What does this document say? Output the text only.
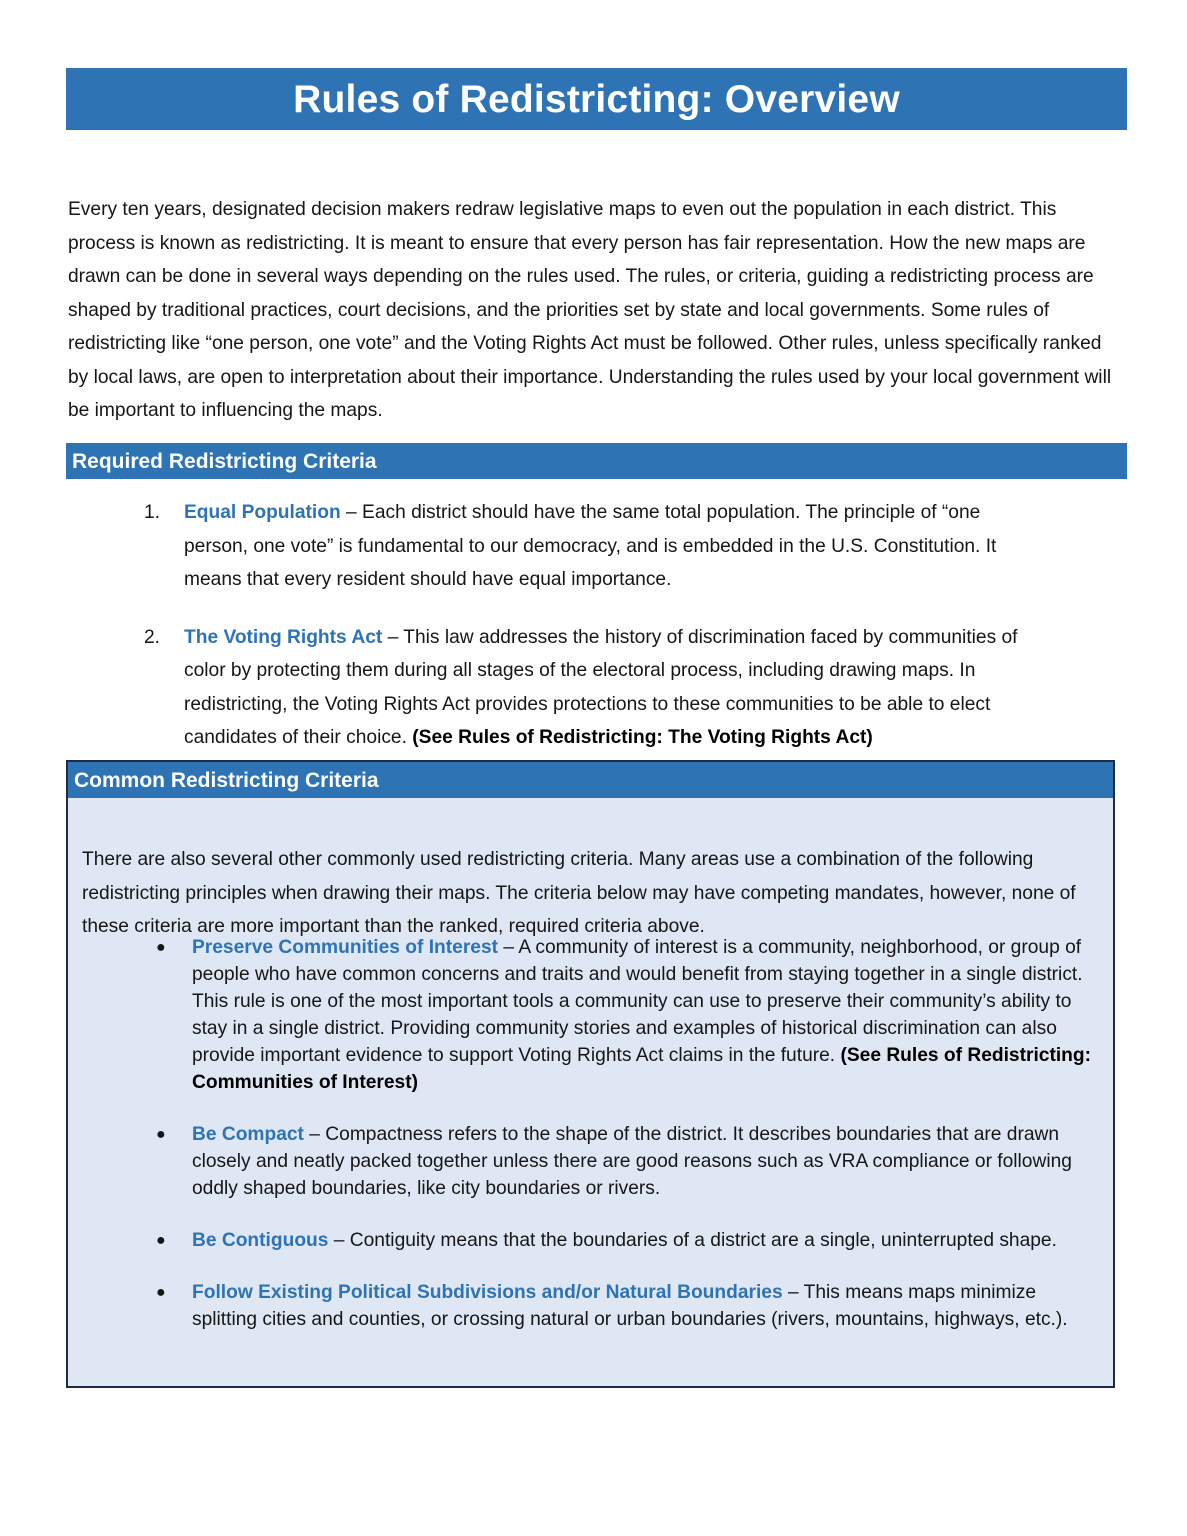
Rules of Redistricting: Overview

Every ten years, designated decision makers redraw legislative maps to even out the population in each district. This process is known as redistricting. It is meant to ensure that every person has fair representation. How the new maps are drawn can be done in several ways depending on the rules used. The rules, or criteria, guiding a redistricting process are shaped by traditional practices, court decisions, and the priorities set by state and local governments. Some rules of redistricting like “one person, one vote” and the Voting Rights Act must be followed. Other rules, unless specifically ranked by local laws, are open to interpretation about their importance. Understanding the rules used by your local government will be important to influencing the maps.

Required Redistricting Criteria
1.	Equal Population – Each district should have the same total population. The principle of “one person, one vote” is fundamental to our democracy, and is embedded in the U.S. Constitution. It means that every resident should have equal importance.
2.	The Voting Rights Act – This law addresses the history of discrimination faced by communities of color by protecting them during all stages of the electoral process, including drawing maps. In redistricting, the Voting Rights Act provides protections to these communities to be able to elect candidates of their choice. (See Rules of Redistricting: The Voting Rights Act)
Common Redistricting Criteria

There are also several other commonly used redistricting criteria. Many areas use a combination of the following redistricting principles when drawing their maps. The criteria below may have competing mandates, however, none of these criteria are more important than the ranked, required criteria above.

● Preserve Communities of Interest – A community of interest is a community, neighborhood, or group of people who have common concerns and traits and would benefit from staying together in a single district. This rule is one of the most important tools a community can use to preserve their community’s ability to stay in a single district. Providing community stories and examples of historical discrimination can also provide important evidence to support Voting Rights Act claims in the future. (See Rules of Redistricting: Communities of Interest)
● Be Compact – Compactness refers to the shape of the district. It describes boundaries that are drawn closely and neatly packed together unless there are good reasons such as VRA compliance or following oddly shaped boundaries, like city boundaries or rivers.
● Be Contiguous – Contiguity means that the boundaries of a district are a single, uninterrupted shape.
● Follow Existing Political Subdivisions and/or Natural Boundaries – This means maps minimize splitting cities and counties, or crossing natural or urban boundaries (rivers, mountains, highways, etc.).
